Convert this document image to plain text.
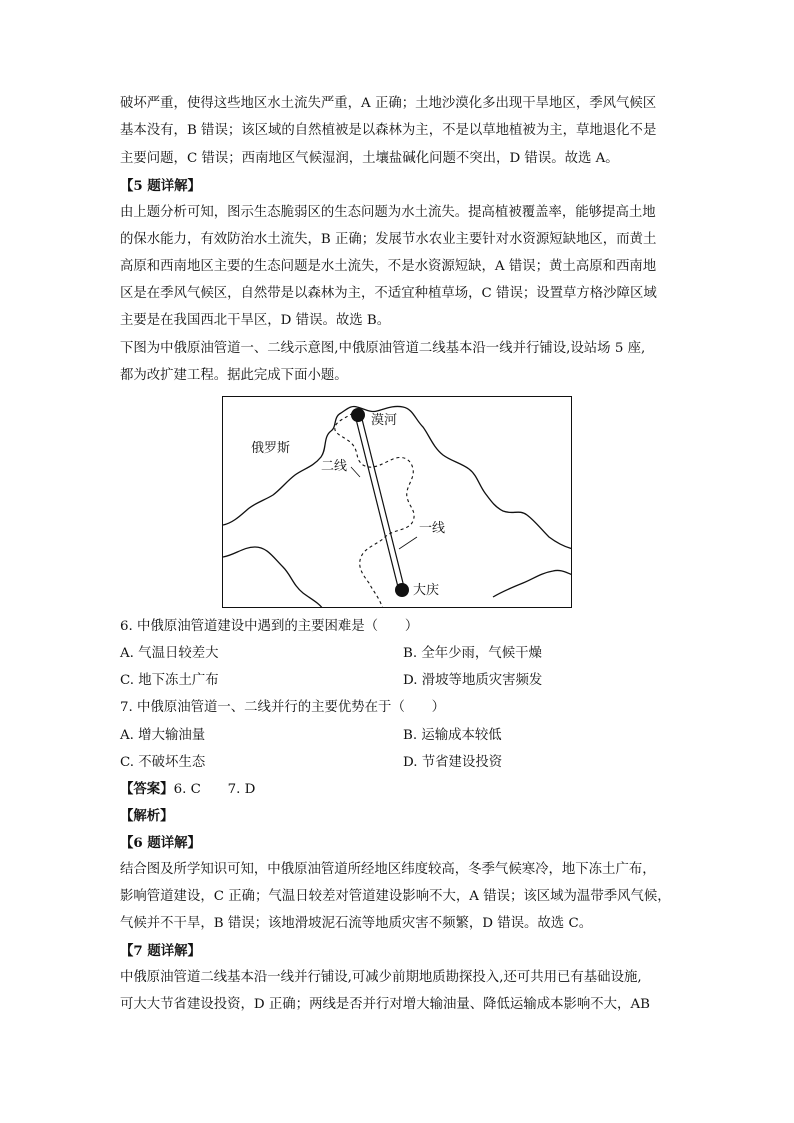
破坏严重，使得这些地区水土流失严重，A 正确；土地沙漠化多出现干旱地区，季风气候区
基本没有，B 错误；该区域的自然植被是以森林为主，不是以草地植被为主，草地退化不是
主要问题，C 错误；西南地区气候湿润，土壤盐碱化问题不突出，D 错误。故选 A。
【5 题详解】
由上题分析可知，图示生态脆弱区的生态问题为水土流失。提高植被覆盖率，能够提高土地
的保水能力，有效防治水土流失，B 正确；发展节水农业主要针对水资源短缺地区，而黄土
高原和西南地区主要的生态问题是水土流失，不是水资源短缺，A 错误；黄土高原和西南地
区是在季风气候区，自然带是以森林为主，不适宜种植草场，C 错误；设置草方格沙障区域
主要是在我国西北干旱区，D 错误。故选 B。
下图为中俄原油管道一、二线示意图,中俄原油管道二线基本沿一线并行铺设,设站场 5 座,
都为改扩建工程。据此完成下面小题。
俄罗斯
漠河
二线
一线
大庆
6. 中俄原油管道建设中遇到的主要困难是（　　）
A. 气温日较差大	B. 全年少雨，气候干燥
C. 地下冻土广布	D. 滑坡等地质灾害频发
7. 中俄原油管道一、二线并行的主要优势在于（　　）
A. 增大输油量	B. 运输成本较低
C. 不破坏生态	D. 节省建设投资
【答案】6. C　　7. D
【解析】
【6 题详解】
结合图及所学知识可知，中俄原油管道所经地区纬度较高，冬季气候寒冷，地下冻土广布，
影响管道建设，C 正确；气温日较差对管道建设影响不大，A 错误；该区域为温带季风气候，
气候并不干旱，B 错误；该地滑坡泥石流等地质灾害不频繁，D 错误。故选 C。
【7 题详解】
中俄原油管道二线基本沿一线并行铺设,可减少前期地质勘探投入,还可共用已有基础设施,
可大大节省建设投资，D 正确；两线是否并行对增大输油量、降低运输成本影响不大，AB
